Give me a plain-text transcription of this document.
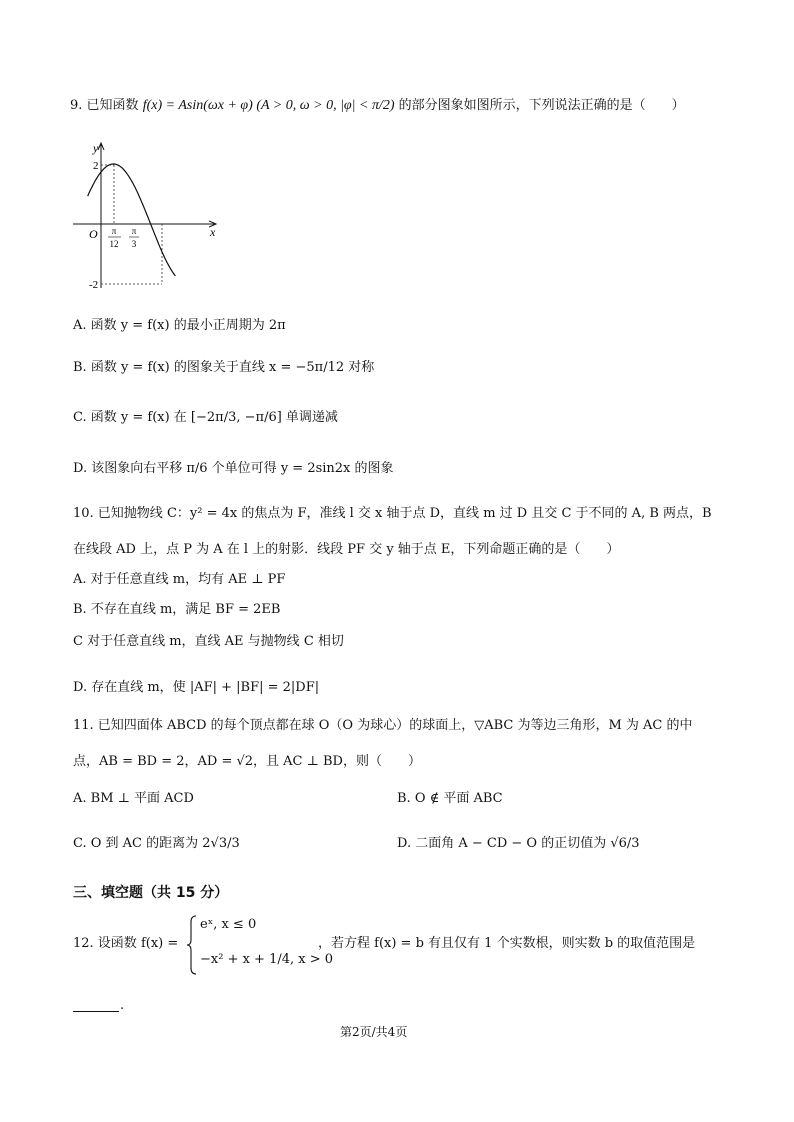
9. 已知函数 f(x) = Asin(ωx + φ) (A > 0, ω > 0, |φ| < π/2) 的部分图象如图所示，下列说法正确的是（　　）
y
x
O
2
-2
π
12
π
3
A. 函数 y = f(x) 的最小正周期为 2π
B. 函数 y = f(x) 的图象关于直线 x = −5π/12 对称
C. 函数 y = f(x) 在 [−2π/3, −π/6] 单调递减
D. 该图象向右平移 π/6 个单位可得 y = 2sin2x 的图象
10. 已知抛物线 C：y² = 4x 的焦点为 F，准线 l 交 x 轴于点 D，直线 m 过 D 且交 C 于不同的 A, B 两点，B
在线段 AD 上，点 P 为 A 在 l 上的射影．线段 PF 交 y 轴于点 E，下列命题正确的是（　　）
A. 对于任意直线 m，均有 AE ⊥ PF
B. 不存在直线 m，满足 BF = 2EB
C 对于任意直线 m，直线 AE 与抛物线 C 相切
D. 存在直线 m，使 |AF| + |BF| = 2|DF|
11. 已知四面体 ABCD 的每个顶点都在球 O（O 为球心）的球面上，▽ABC 为等边三角形，M 为 AC 的中
点，AB = BD = 2，AD = √2，且 AC ⊥ BD，则（　　）
A. BM ⊥ 平面 ACD	B. O ∉ 平面 ABC
C. O 到 AC 的距离为 2√3/3	D. 二面角 A − CD − O 的正切值为 √6/3
三、填空题（共 15 分）
12. 设函数 f(x) =
eˣ, x ≤ 0
−x² + x + 1/4, x > 0
，若方程 f(x) = b 有且仅有 1 个实数根，则实数 b 的取值范围是
.
第2页/共4页
